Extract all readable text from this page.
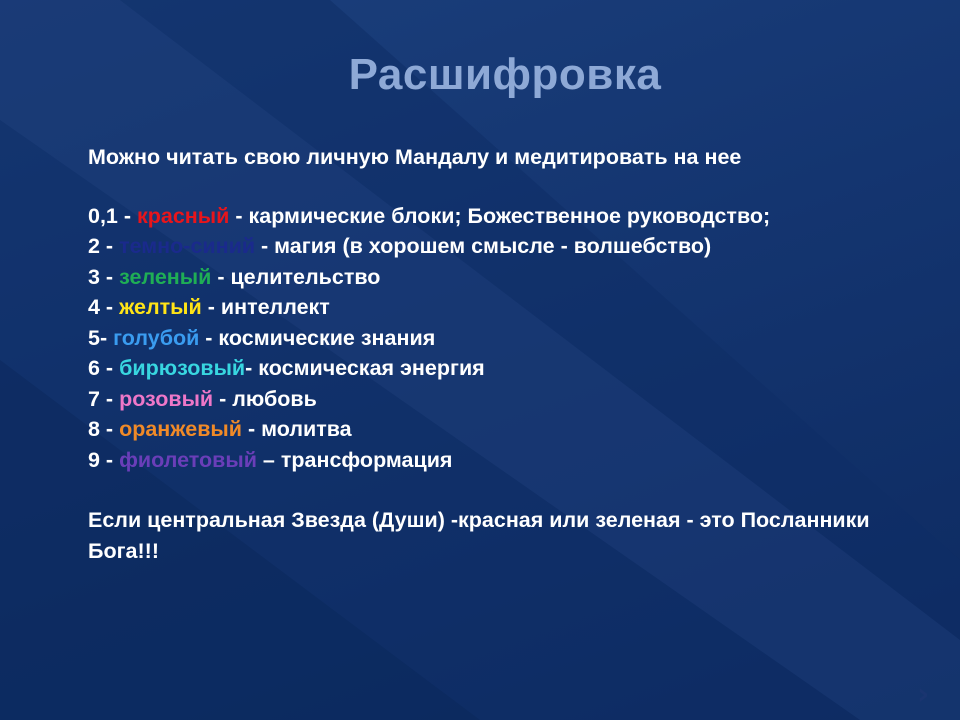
Расшифровка

Можно читать свою личную Мандалу и медитировать на нее

0,1 - красный - кармические блоки; Божественное руководство;

2 - темно-синий - магия (в хорошем смысле - волшебство)

3 - зеленый - целительство

4 - желтый - интеллект

5- голубой - космические знания

6 - бирюзовый- космическая энергия

7 - розовый - любовь

8 - оранжевый - молитва

9 - фиолетовый – трансформация

Если центральная Звезда (Души) -красная или зеленая - это Посланники Бога!!!

›
